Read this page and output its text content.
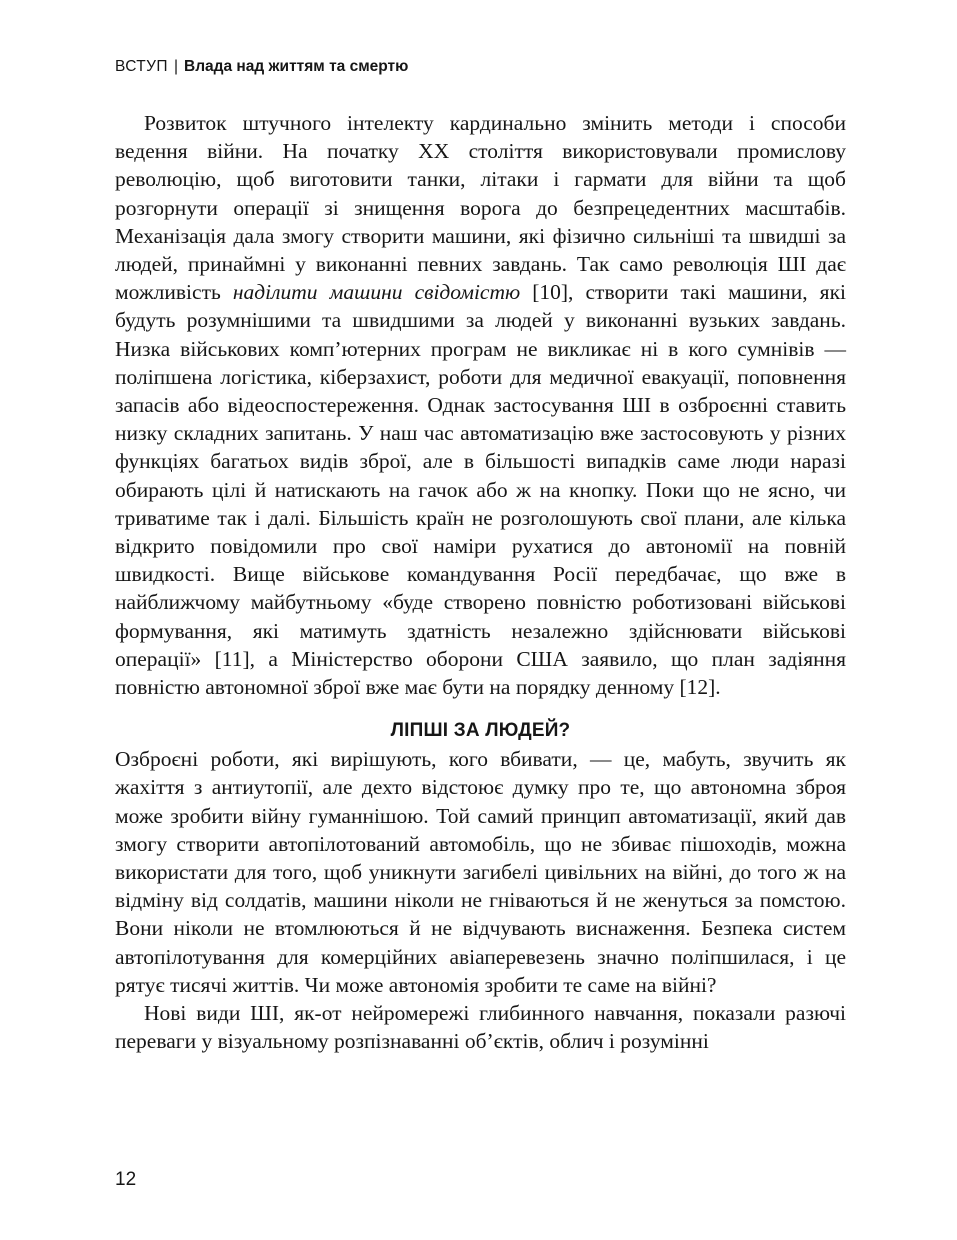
ВСТУП | Влада над життям та смертю

Розвиток штучного інтелекту кардинально змінить методи і способи ведення війни. На початку XX століття використовували промислову революцію, щоб виготовити танки, літаки і гармати для війни та щоб розгорнути операції зі знищення ворога до безпрецедентних масштабів. Механізація дала змогу створити машини, які фізично сильніші та швидші за людей, принаймні у виконанні певних завдань. Так само революція ШІ дає можливість наділити машини свідомістю [10], створити такі машини, які будуть розумнішими та швидшими за людей у виконанні вузьких завдань. Низка військових комп’ютерних програм не викликає ні в кого сумнівів — поліпшена логістика, кіберзахист, роботи для медичної евакуації, поповнення запасів або відеоспостереження. Однак застосування ШІ в озброєнні ставить низку складних запитань. У наш час автоматизацію вже застосовують у різних функціях багатьох видів зброї, але в більшості випадків саме люди наразі обирають цілі й натискають на гачок або ж на кнопку. Поки що не ясно, чи триватиме так і далі. Більшість країн не розголошують свої плани, але кілька відкрито повідомили про свої наміри рухатися до автономії на повній швидкості. Вище військове командування Росії передбачає, що вже в найближчому майбутньому «буде створено повністю роботизовані військові формування, які матимуть здатність незалежно здійснювати військові операції» [11], а Міністерство оборони США заявило, що план задіяння повністю автономної зброї вже має бути на порядку денному [12].

ЛІПШІ ЗА ЛЮДЕЙ?

Озброєні роботи, які вирішують, кого вбивати, — це, мабуть, звучить як жахіття з антиутопії, але дехто відстоює думку про те, що автономна зброя може зробити війну гуманнішою. Той самий принцип автоматизації, який дав змогу створити автопілотований автомобіль, що не збиває пішоходів, можна використати для того, щоб уникнути загибелі цивільних на війні, до того ж на відміну від солдатів, машини ніколи не гніваються й не женуться за помстою. Вони ніколи не втомлюються й не відчувають виснаження. Безпека систем автопілотування для комерційних авіаперевезень значно поліпшилася, і це рятує тисячі життів. Чи може автономія зробити те саме на війні?

Нові види ШІ, як-от нейромережі глибинного навчання, показали разючі переваги у візуальному розпізнаванні об’єктів, облич і розумінні

12
